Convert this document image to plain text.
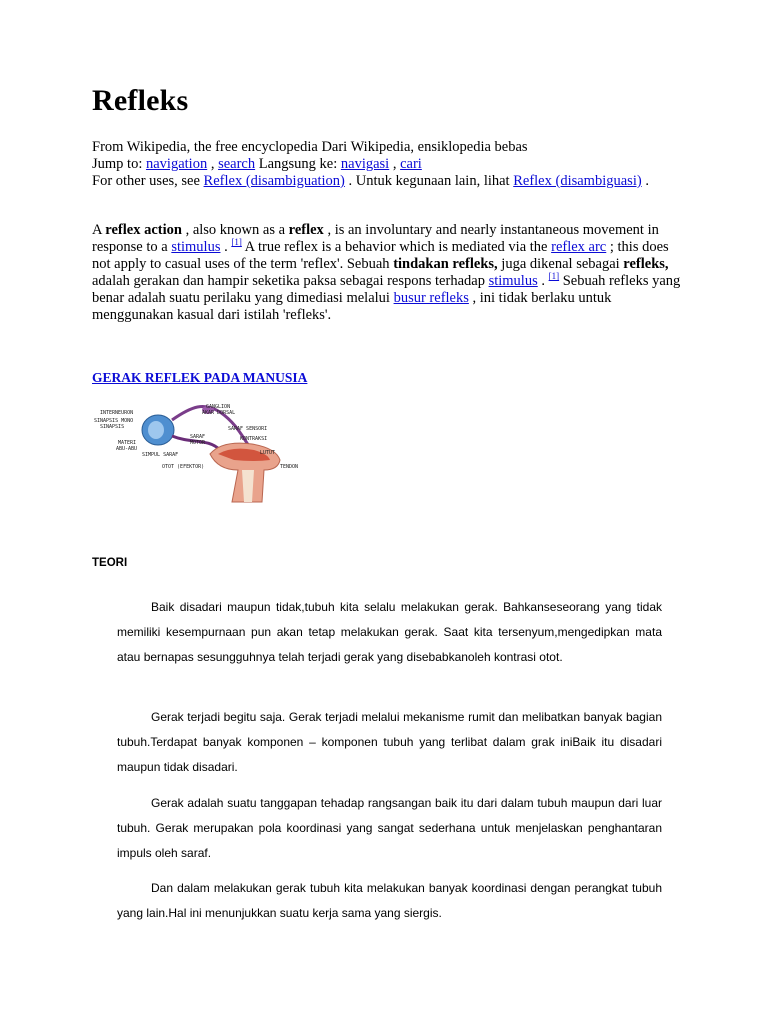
Refleks
From Wikipedia, the free encyclopedia Dari Wikipedia, ensiklopedia bebas
Jump to: navigation , search Langsung ke: navigasi , cari
For other uses, see Reflex (disambiguation) . Untuk kegunaan lain, lihat Reflex (disambiguasi) .
A reflex action , also known as a reflex , is an involuntary and nearly instantaneous movement in response to a stimulus . [1] A true reflex is a behavior which is mediated via the reflex arc ; this does not apply to casual uses of the term 'reflex'. Sebuah tindakan refleks, juga dikenal sebagai refleks, adalah gerakan dan hampir seketika paksa sebagai respons terhadap stimulus . [1] Sebuah refleks yang benar adalah suatu perilaku yang dimediasi melalui busur refleks , ini tidak berlaku untuk menggunakan kasual dari istilah 'refleks'.
GERAK REFLEK PADA MANUSIA
INTERNEURON
SINAPSIS MONO
SINAPSIS
MATERI
ABU-ABU
SIMPUL SARAF
GANGLION
AKAR DORSAL
SARAF SENSORI
KONTRAKSI
SARAF
MOTOR
LUTUT
TENDON
OTOT (EFEKTOR)
TEORI

Baik disadari maupun tidak,tubuh kita selalu melakukan gerak. Bahkanseseorang yang tidak memiliki kesempurnaan pun akan tetap melakukan gerak. Saat kita tersenyum,mengedipkan mata atau bernapas sesungguhnya telah terjadi gerak yang disebabkanoleh kontrasi otot.

Gerak terjadi begitu saja. Gerak terjadi melalui mekanisme rumit dan melibatkan banyak bagian tubuh.Terdapat banyak komponen – komponen tubuh yang terlibat dalam grak iniBaik itu disadari maupun tidak disadari.

Gerak adalah suatu tanggapan tehadap rangsangan baik itu dari dalam tubuh maupun dari luar tubuh. Gerak merupakan pola koordinasi yang sangat sederhana untuk menjelaskan penghantaran impuls oleh saraf.

Dan dalam melakukan gerak tubuh kita melakukan banyak koordinasi dengan perangkat tubuh yang lain.Hal ini menunjukkan suatu kerja sama yang siergis.
